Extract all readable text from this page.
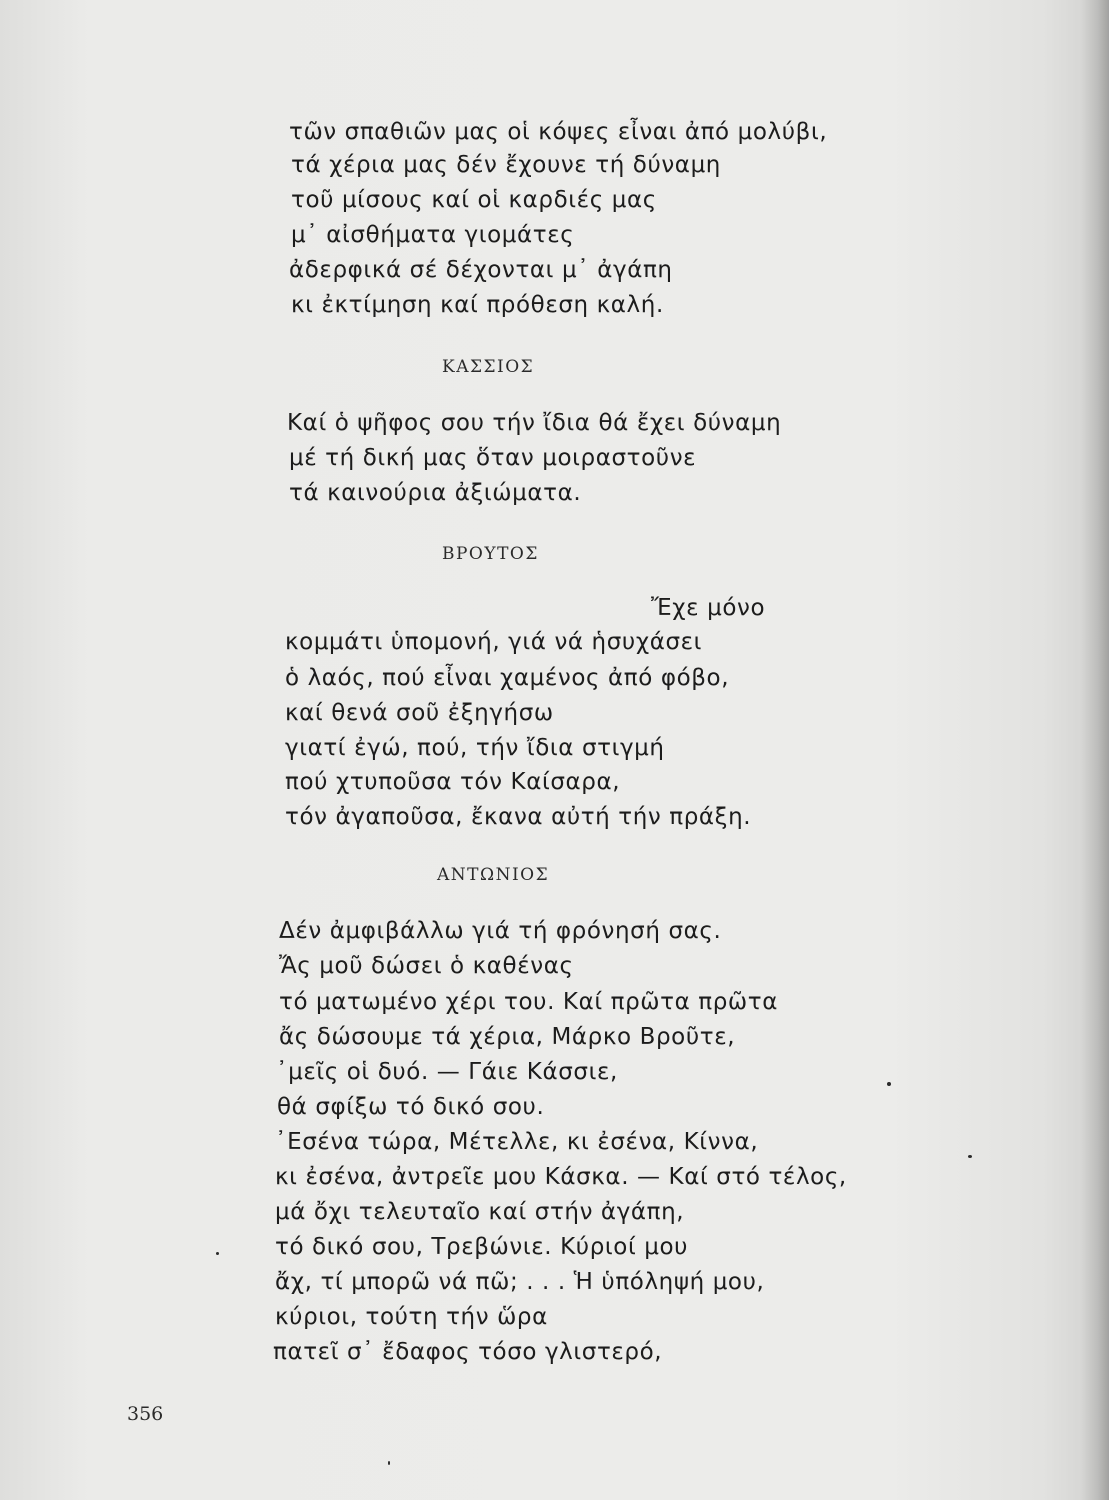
τῶν σπαθιῶν μας οἱ κόψες εἶναι ἀπό μολύβι,
τά χέρια μας δέν ἔχουνε τή δύναμη
τοῦ μίσους καί οἱ καρδιές μας
μ᾽ αἰσθήματα γιομάτες
ἀδερφικά σέ δέχονται μ᾽ ἀγάπη
κι ἐκτίμηση καί πρόθεση καλή.
ΚΑΣΣΙΟΣ
Καί ὁ ψῆφος σου τήν ἴδια θά ἔχει δύναμη
μέ τή δική μας ὅταν μοιραστοῦνε
τά καινούρια ἀξιώματα.
ΒΡΟΥΤΟΣ
Ἔχε μόνο
κομμάτι ὑπομονή, γιά νά ἡσυχάσει
ὁ λαός, πού εἶναι χαμένος ἀπό φόβο,
καί θενά σοῦ ἐξηγήσω
γιατί ἐγώ, πού, τήν ἴδια στιγμή
πού χτυποῦσα τόν Καίσαρα,
τόν ἀγαποῦσα, ἔκανα αὐτή τήν πράξη.
ΑΝΤΩΝΙΟΣ
Δέν ἀμφιβάλλω γιά τή φρόνησή σας.
Ἄς μοῦ δώσει ὁ καθένας
τό ματωμένο χέρι του. Καί πρῶτα πρῶτα
ἄς δώσουμε τά χέρια, Μάρκο Βροῦτε,
᾽μεῖς οἱ δυό. — Γάιε Κάσσιε,
θά σφίξω τό δικό σου.
᾽Εσένα τώρα, Μέτελλε, κι ἐσένα, Κίννα,
κι ἐσένα, ἀντρεῖε μου Κάσκα. — Καί στό τέλος,
μά ὄχι τελευταῖο καί στήν ἀγάπη,
τό δικό σου, Τρεβώνιε. Κύριοί μου
ἄχ, τί μπορῶ νά πῶ; . . . Ἡ ὑπόληψή μου,
κύριοι, τούτη τήν ὥρα
πατεῖ σ᾽ ἔδαφος τόσο γλιστερό,
356
